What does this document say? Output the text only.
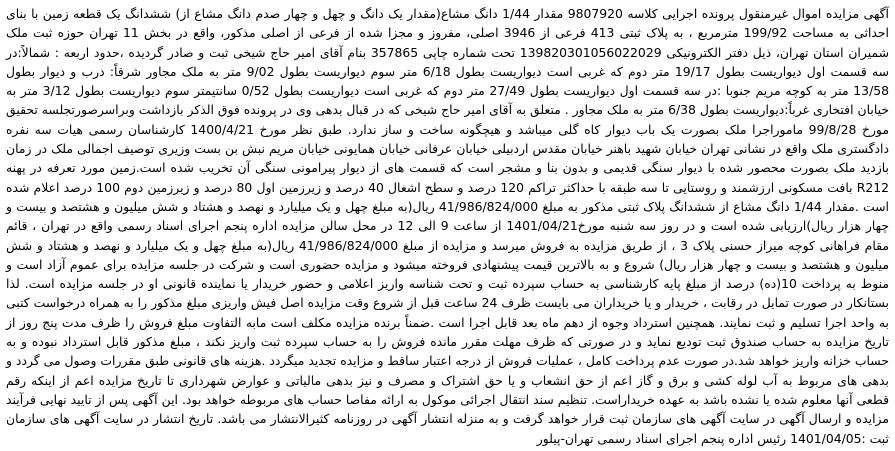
آگهی مزایده اموال غیرمنقول پرونده اجرایی کلاسه 9807920 مقدار 1/44 دانگ مشاع(مقدار یک دانگ و چهل و چهار صدم دانگ مشاع از) ششدانگ یک قطعه زمین با بنای احداثی به مساحت 199/92 مترمربع ، به پلاک ثبتی 413 فرعی از 3946 اصلی، مفروز و مجزا شده از فرعی از اصلی مذکور، واقع در بخش 11 تهران حوزه ثبت ملک شمیران استان تهران، ذیل دفتر الکترونیکی 139820301056022029 تحت شماره چاپی 357865 بنام آقای امیر حاج شیخی ثبت و صادر گردیده ،حدود اربعه : شمالاً:در سه قسمت اول دیواریست بطول 19/17 متر دوم که غربی است دیواریست بطول 6/18 متر سوم دیواریست بطول 9/02 متر به ملک مجاور شرقاً: درب و دیوار بطول 13/58 متر به کوچه مریم جنوبا :در سه قسمت اول دیواریست بطول 27/49 متر دوم که غربی است دیواریست بطول 0/52 سانتیمتر سوم دیواریست بطول 3/12 متر به خیابان افتخاری غرباً:دیواریست بطول 6/38 متر به ملک مجاور . متعلق به آقای امیر حاج شیخی که در قبال بدهی وی در پرونده فوق الذکر بازداشت وبراسرصورتجلسه تحقیق مورخ 99/8/28 ماموراجرا ملک بصورت یک باب دیوار کاه گلی میباشد و هیچگونه ساخت و ساز ندارد. طبق نظر مورخ 1400/4/21 کارشناسان رسمی هیات سه نفره دادگستری ملک واقع در نشانی تهران خیابان شهید باهنر خیابان مقدس اردبیلی خیابان عرفانی خیابان همایونی خیابان مریم نبش بن بست وزیری توصیف اجمالی ملک در زمان بازدید ملک بصورت محصور شده با دیوار سنگی قدیمی و بدون بنا و مشجر است که قسمت های از دیوار پیرامونی سنگی آن تخریب شده است.زمین مورد تعرفه در پهنه R212 بافت مسکونی ارزشمند و روستایی تا سه طبقه با حداکثر تراکم 120 درصد و سطح اشغال 40 درصد و زیرزمین اول 80 درصد و زیرزمین دوم 100 درصد اعلام شده است .مقدار 1/44 دانگ مشاع از ششدانگ پلاک ثبتی مذکور به مبلغ 41/986/824/000 ریال(به مبلغ چهل و یک میلیارد و نهصد و هشتاد و شش میلیون و هشتصد و بیست و چهار هزار ریال)ارزیابی شده است و در روز سه شنبه مورخ1401/04/21 از ساعت 9 الی 12 در محل سالن مزایده اداره پنجم اجرای اسناد رسمی واقع در تهران ، قائم مقام فراهانی کوچه میراز حسنی پلاک 3 ، از طریق مزایده به فروش میرسد و مزایده از مبلغ 41/986/824/000 ریال(به مبلغ چهل و یک میلیارد و نهصد و هشتاد و شش میلیون و هشتصد و بیست و چهار هزار ریال) شروع و به بالاترین قیمت پیشنهادی فروخته میشود و مزایده حضوری است و شرکت در جلسه مزایده برای عموم آزاد است و منوط به پرداخت 10(ده) درصد از مبلغ پایه کارشناسی به حساب سپرده ثبت و تحت شناسه واریز اعلامی و حضور خریدار یا نماینده قانونی او در جلسه مزایده است. لذا بستانکار در صورت تمایل در رقابت ، خریدار و یا خریداران می بایست ظرف 24 ساعت قبل از شروع وقت مزایده اصل فیش واریزی مبلغ مذکور را به همراه درخواست کتبی به واحد اجرا تسلیم و ثبت نمایند. همچنین استرداد وجوه از دهم ماه بعد قابل اجرا است .ضمناً برنده مزایده مکلف است مابه التفاوت مبلغ فروش را ظرف مدت پنج روز از تاریخ مزایده به حساب صندوق ثبت تودیع نماید و در صورتی که ظرف مهلت مقرر مانده فروش را به حساب سپرده ثبت واریز نکند ، مبلغ مذکور قابل استرداد نبوده و به حساب خزانه واریز خواهد شد.در صورت عدم پرداخت کامل ، عملیات فروش از درجه اعتبار ساقط و مزایده تجدید میگردد .هزینه های قانونی طبق مقررات وصول می گردد و بدهی های مربوط به آب لوله کشی و برق و گاز اعم از حق انشعاب و یا حق اشتراک و مصرف و نیز بدهی مالیاتی و عوارض شهرداری تا تاریخ مزایده اعم از اینکه رقم قطعی آنها معلوم شده یا نشده باشد به عهده خریداراست. تنظیم سند انتقال اجرائی موکول به ارائه مفاصا حساب های مربوطه خواهد بود. این آگهی پس از تایید نهایی فرآیند مزایده و ارسال آگهی در سایت آگهی های سازمان ثبت قرار خواهد گرفت و به منزله انتشار آگهی در روزنامه کثیرالانتشار می باشد. تاریخ انتشار در سایت آگهی های سازمان ثبت :1401/04/05 رئیس اداره پنجم اجرای اسناد رسمی تهران-پیلور
